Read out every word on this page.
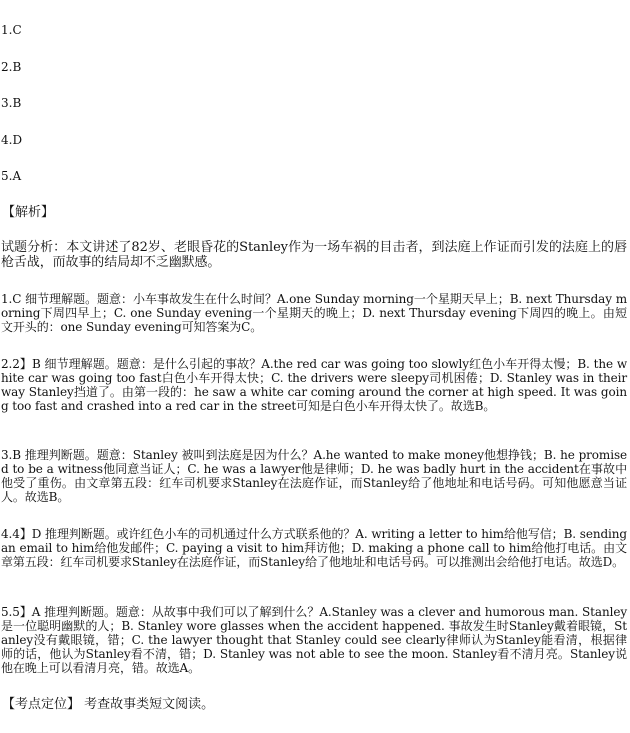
1.C
2.B
3.B
4.D
5.A
【解析】
试题分析：本文讲述了82岁、老眼昏花的Stanley作为一场车祸的目击者，到法庭上作证而引发的法庭上的唇枪舌战，而故事的结局却不乏幽默感。
1.C 细节理解题。题意：小车事故发生在什么时间？A.one Sunday morning一个星期天早上；B. next Thursday morning下周四早上；C. one Sunday evening一个星期天的晚上；D. next Thursday evening下周四的晚上。由短文开头的：one Sunday evening可知答案为C。
2.2】B 细节理解题。题意：是什么引起的事故？A.the red car was going too slowly红色小车开得太慢；B. the white car was going too fast白色小车开得太快；C. the drivers were sleepy司机困倦；D. Stanley was in their way Stanley挡道了。由第一段的：he saw a white car coming around the corner at high speed. It was going too fast and crashed into a red car in the street可知是白色小车开得太快了。故选B。
3.B 推理判断题。题意：Stanley 被叫到法庭是因为什么？A.he wanted to make money他想挣钱；B. he promised to be a witness他同意当证人；C. he was a lawyer他是律师；D. he was badly hurt in the accident在事故中他受了重伤。由文章第五段：红车司机要求Stanley在法庭作证，而Stanley给了他地址和电话号码。可知他愿意当证人。故选B。
4.4】D 推理判断题。或许红色小车的司机通过什么方式联系他的？A. writing a letter to him给他写信；B. sending an email to him给他发邮件；C. paying a visit to him拜访他；D. making a phone call to him给他打电话。由文章第五段：红车司机要求Stanley在法庭作证，而Stanley给了他地址和电话号码。可以推测出会给他打电话。故选D。
5.5】A 推理判断题。题意：从故事中我们可以了解到什么？A.Stanley was a clever and humorous man. Stanley是一位聪明幽默的人；B. Stanley wore glasses when the accident happened. 事故发生时Stanley戴着眼镜，Stanley没有戴眼镜，错；C. the lawyer thought that Stanley could see clearly律师认为Stanley能看清，根据律师的话，他认为Stanley看不清，错；D. Stanley was not able to see the moon. Stanley看不清月亮。Stanley说他在晚上可以看清月亮，错。故选A。
【考点定位】 考查故事类短文阅读。
